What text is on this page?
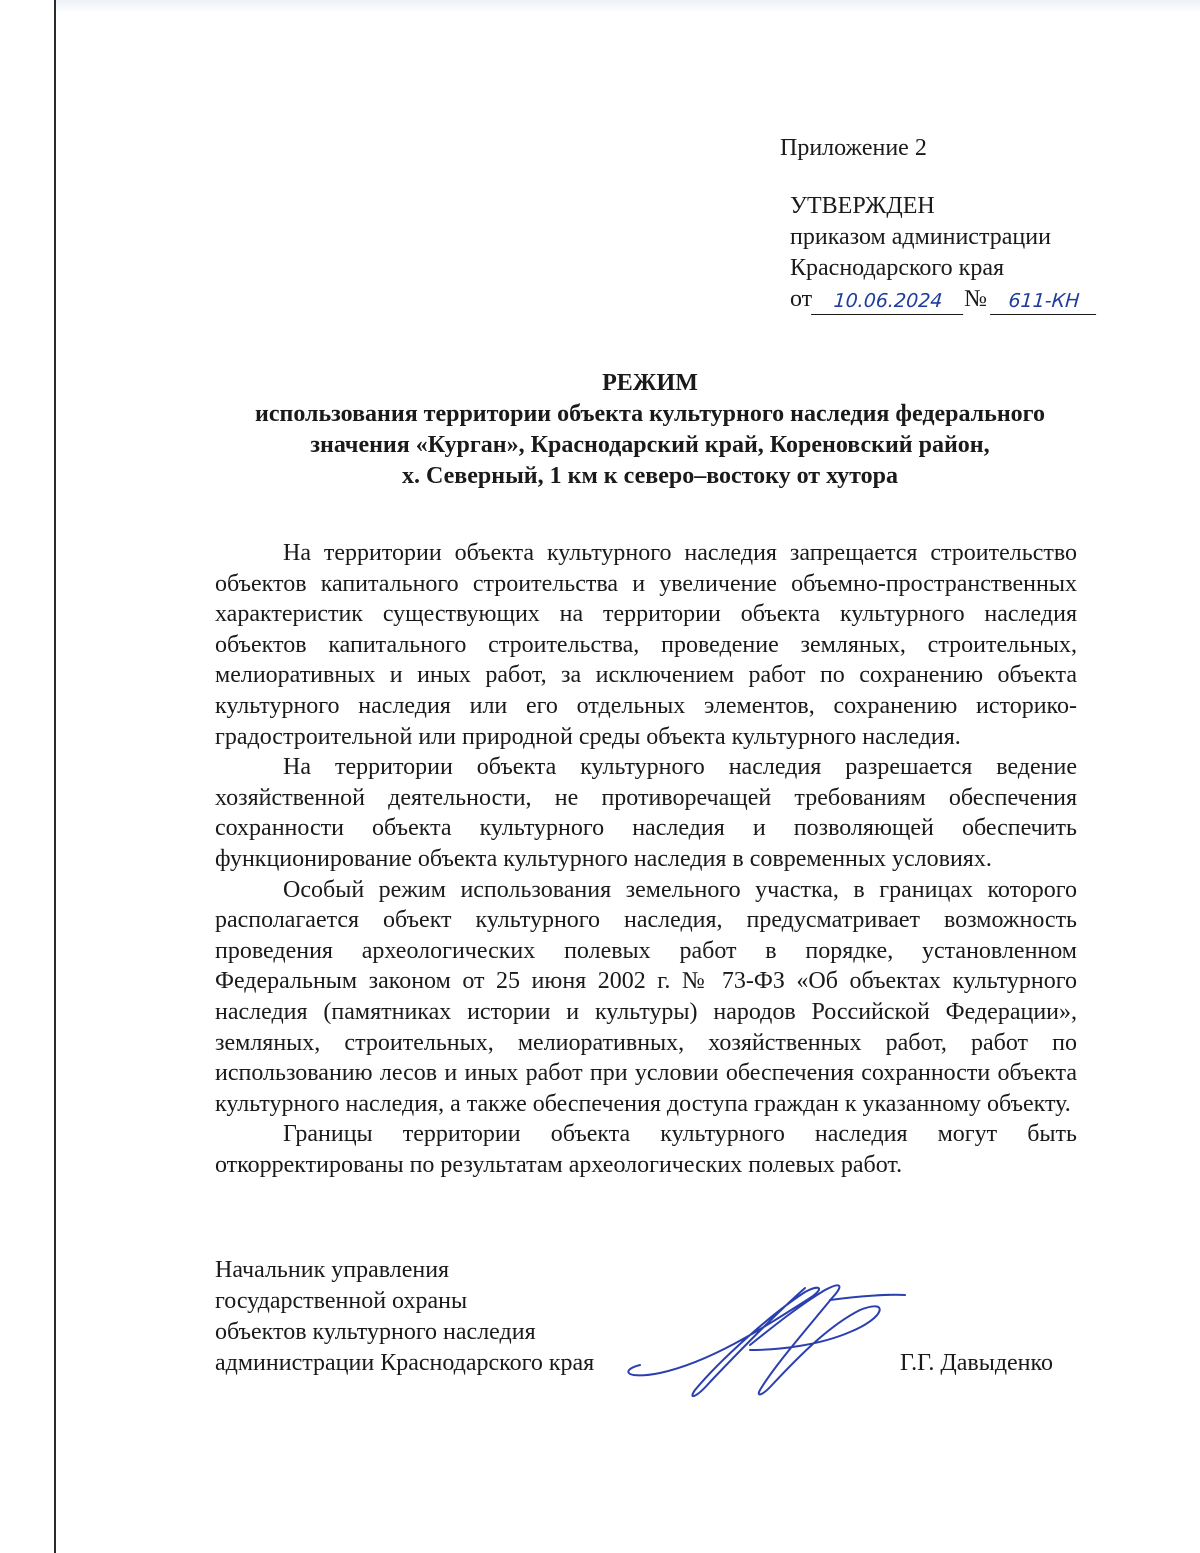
Приложение 2
УТВЕРЖДЕН
приказом администрации
Краснодарского края
от	10.06.2024 №	611-КН
РЕЖИМ
использования территории объекта культурного наследия федерального
значения «Курган», Краснодарский край, Кореновский район,
х. Северный, 1 км к северо–востоку от хутора

На территории объекта культурного наследия запрещается строительство объектов капитального строительства и увеличение объемно-пространственных характеристик существующих на территории объекта культурного наследия объектов капитального строительства, проведение земляных, строительных, мелиоративных и иных работ, за исключением работ по сохранению объекта культурного наследия или его отдельных элементов, сохранению историко-градостроительной или природной среды объекта культурного наследия.

На территории объекта культурного наследия разрешается ведение хозяйственной деятельности, не противоречащей требованиям обеспечения сохранности объекта культурного наследия и позволяющей обеспечить функционирование объекта культурного наследия в современных условиях.

Особый режим использования земельного участка, в границах которого располагается объект культурного наследия, предусматривает возможность проведения археологических полевых работ в порядке, установленном Федеральным законом от 25 июня 2002 г. № 73-ФЗ «Об объектах культурного наследия (памятниках истории и культуры) народов Российской Федерации», земляных, строительных, мелиоративных, хозяйственных работ, работ по использованию лесов и иных работ при условии обеспечения сохранности объекта культурного наследия, а также обеспечения доступа граждан к указанному объекту.

Границы территории объекта культурного наследия могут быть откорректированы по результатам археологических полевых работ.

Начальник управления
государственной охраны
объектов культурного наследия
администрации Краснодарского края	Г.Г. Давыденко
